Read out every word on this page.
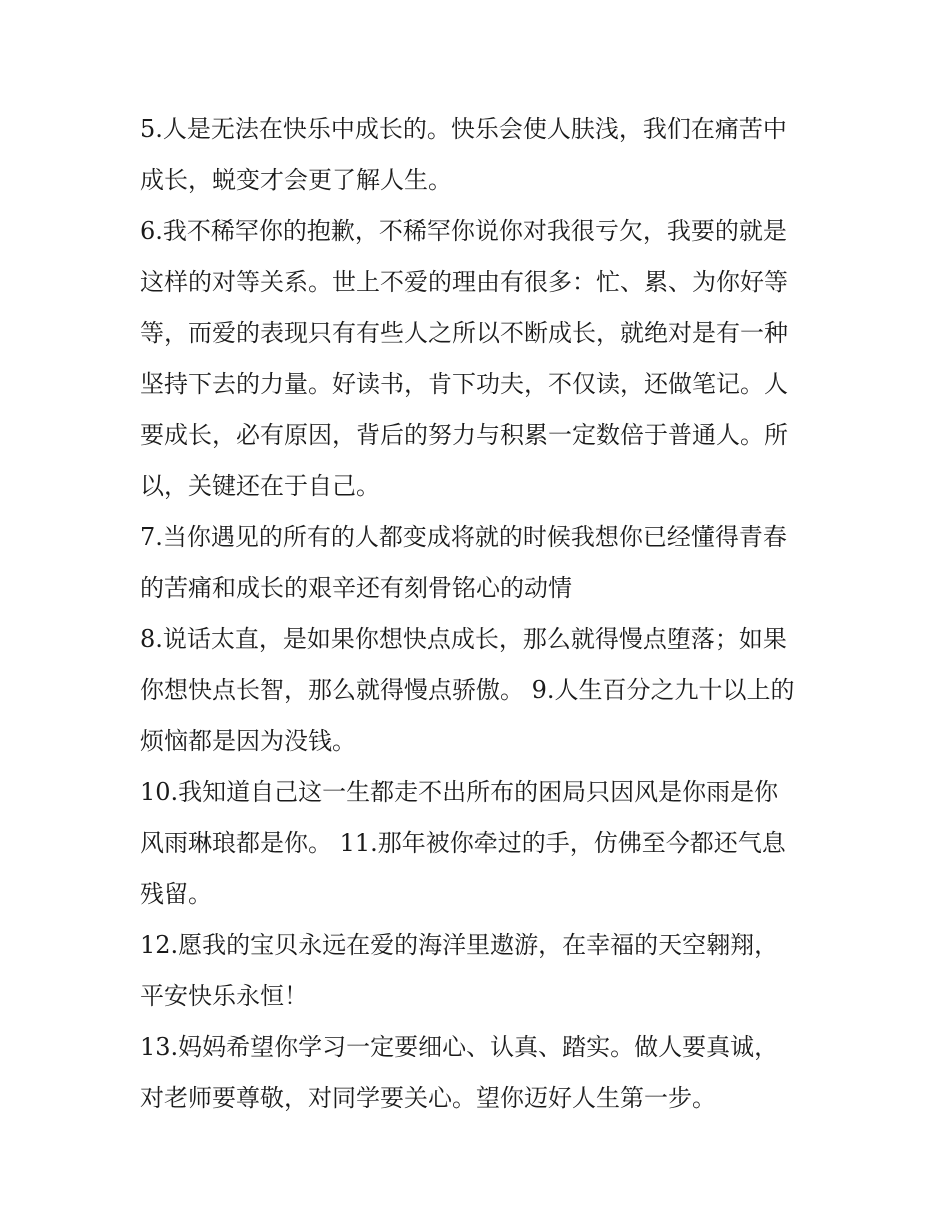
5.人是无法在快乐中成长的。快乐会使人肤浅，我们在痛苦中
成长，蜕变才会更了解人生。
6.我不稀罕你的抱歉，不稀罕你说你对我很亏欠，我要的就是
这样的对等关系。世上不爱的理由有很多：忙、累、为你好等
等，而爱的表现只有有些人之所以不断成长，就绝对是有一种
坚持下去的力量。好读书，肯下功夫，不仅读，还做笔记。人
要成长，必有原因，背后的努力与积累一定数倍于普通人。所
以，关键还在于自己。
7.当你遇见的所有的人都变成将就的时候我想你已经懂得青春
的苦痛和成长的艰辛还有刻骨铭心的动情
8.说话太直，是如果你想快点成长，那么就得慢点堕落；如果
你想快点长智，那么就得慢点骄傲。 9.人生百分之九十以上的
烦恼都是因为没钱。
10.我知道自己这一生都走不出所布的困局只因风是你雨是你
风雨琳琅都是你。 11.那年被你牵过的手，仿佛至今都还气息
残留。
12.愿我的宝贝永远在爱的海洋里遨游，在幸福的天空翱翔，
平安快乐永恒！
13.妈妈希望你学习一定要细心、认真、踏实。做人要真诚，
对老师要尊敬，对同学要关心。望你迈好人生第一步。
